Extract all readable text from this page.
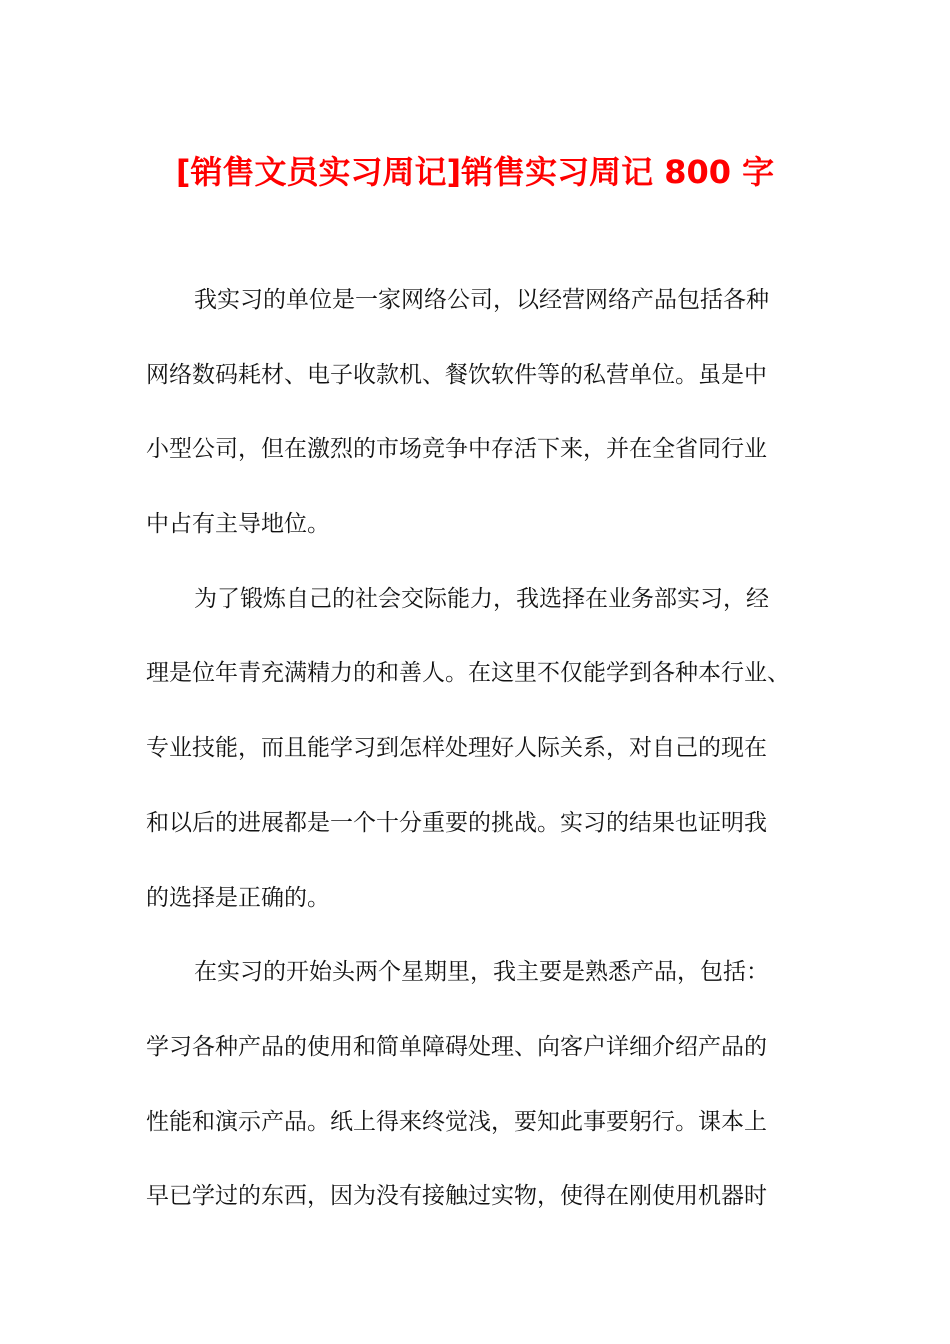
[销售文员实习周记]销售实习周记 800 字
我实习的单位是一家网络公司，以经营网络产品包括各种
网络数码耗材、电子收款机、餐饮软件等的私营单位。虽是中
小型公司，但在激烈的市场竞争中存活下来，并在全省同行业
中占有主导地位。
为了锻炼自己的社会交际能力，我选择在业务部实习，经
理是位年青充满精力的和善人。在这里不仅能学到各种本行业、
专业技能，而且能学习到怎样处理好人际关系，对自己的现在
和以后的进展都是一个十分重要的挑战。实习的结果也证明我
的选择是正确的。
在实习的开始头两个星期里，我主要是熟悉产品，包括：
学习各种产品的使用和简单障碍处理、向客户详细介绍产品的
性能和演示产品。纸上得来终觉浅，要知此事要躬行。课本上
早已学过的东西，因为没有接触过实物，使得在刚使用机器时
